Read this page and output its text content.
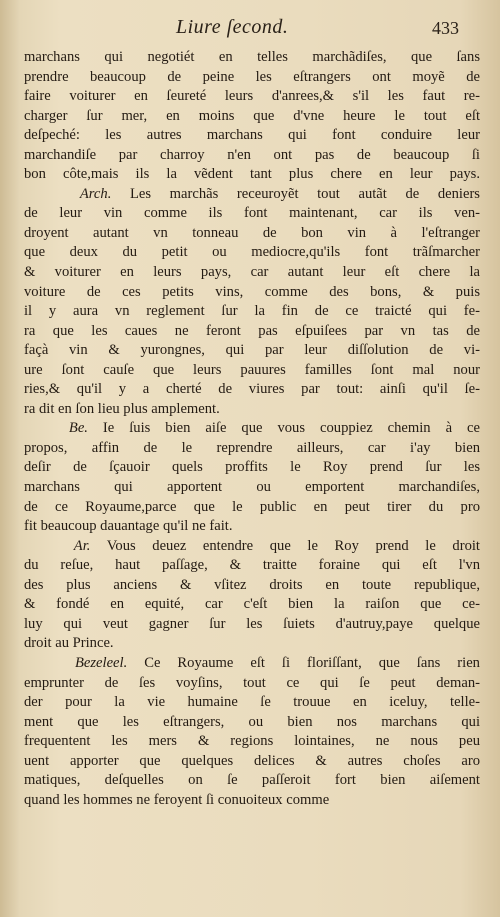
Liure ſecond.	433
marchans qui negotiét en telles marchãdiſes, que ſans
prendre beaucoup de peine les eſtrangers ont moyẽ de
faire voiturer en ſeureté leurs d'anrees,& s'il les faut re-
charger ſur mer, en moins que d'vne heure le tout eſt
deſpeché: les autres marchans qui font conduire leur
marchandiſe par charroy n'en ont pas de beaucoup ſi
bon côte,mais ils la vẽdent tant plus chere en leur pays.
Arch. Les marchãs receuroyẽt tout autãt de deniers
de leur vin comme ils font maintenant, car ils ven-
droyent autant vn tonneau de bon vin à l'eſtranger
que deux du petit ou mediocre,qu'ils font trãſmarcher
& voiturer en leurs pays, car autant leur eſt chere la
voiture de ces petits vins, comme des bons, & puis
il y aura vn reglement ſur la fin de ce traicté qui fe-
ra que les caues ne feront pas eſpuiſees par vn tas de
façà vin & yurongnes, qui par leur diſſolution de vi-
ure ſont cauſe que leurs pauures familles ſont mal nour
ries,& qu'il y a cherté de viures par tout: ainſi qu'il ſe-
ra dit en ſon lieu plus amplement.
Be. Ie ſuis bien aiſe que vous couppiez chemin à ce
propos, affin de le reprendre ailleurs, car i'ay bien
deſir de ſçauoir quels proffits le Roy prend ſur les
marchans qui apportent ou emportent marchandiſes,
de ce Royaume,parce que le public en peut tirer du pro
fit beaucoup dauantage qu'il ne fait.
Ar. Vous deuez entendre que le Roy prend le droit
du reſue, haut paſſage, & traitte foraine qui eſt l'vn
des plus anciens & vſitez droits en toute republique,
& fondé en equité, car c'eſt bien la raiſon que ce-
luy qui veut gagner ſur les ſuiets d'autruy,paye quelque
droit au Prince.
Bezeleel. Ce Royaume eſt ſi floriſſant, que ſans rien
emprunter de ſes voyſins, tout ce qui ſe peut deman-
der pour la vie humaine ſe trouue en iceluy, telle-
ment que les eſtrangers, ou bien nos marchans qui
frequentent les mers & regions lointaines, ne nous peu
uent apporter que quelques delices & autres choſes aro
matiques, deſquelles on ſe paſſeroit fort bien aiſement
quand les hommes ne feroyent ſi conuoiteux comme
